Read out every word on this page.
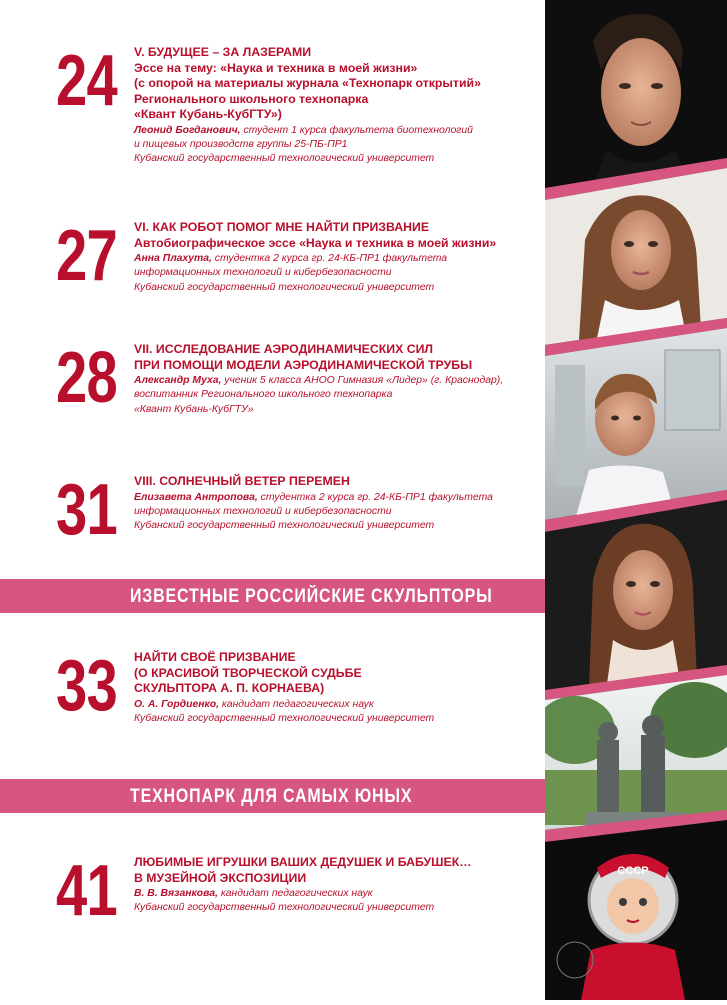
24 V. БУДУЩЕЕ – ЗА ЛАЗЕРАМИ
Эссе на тему: «Наука и техника в моей жизни»
(с опорой на материалы журнала «Технопарк открытий»
Регионального школьного технопарка
«Квант Кубань-КубГТУ»)
Леонид Богданович, студент 1 курса факультета биотехнологий
и пищевых производств группы 25-ПБ-ПР1
Кубанский государственный технологический университет
27 VI. КАК РОБОТ ПОМОГ МНЕ НАЙТИ ПРИЗВАНИЕ
Автобиографическое эссе «Наука и техника в моей жизни»
Анна Плахута, студентка 2 курса гр. 24-КБ-ПР1 факультета
информационных технологий и кибербезопасности
Кубанский государственный технологический университет
28 VII. ИССЛЕДОВАНИЕ АЭРОДИНАМИЧЕСКИХ СИЛ
ПРИ ПОМОЩИ МОДЕЛИ АЭРОДИНАМИЧЕСКОЙ ТРУБЫ
Александр Муха, ученик 5 класса АНОО Гимназия «Лидер» (г. Краснодар),
воспитанник Регионального школьного технопарка
«Квант Кубань-КубГТУ»
31 VIII. СОЛНЕЧНЫЙ ВЕТЕР ПЕРЕМЕН
Елизавета Антропова, студентка 2 курса гр. 24-КБ-ПР1 факультета
информационных технологий и кибербезопасности
Кубанский государственный технологический университет
ИЗВЕСТНЫЕ РОССИЙСКИЕ СКУЛЬПТОРЫ
33 НАЙТИ СВОЁ ПРИЗВАНИЕ
(О КРАСИВОЙ ТВОРЧЕСКОЙ СУДЬБЕ
СКУЛЬПТОРА А. П. КОРНАЕВА)
О. А. Гордиенко, кандидат педагогических наук
Кубанский государственный технологический университет
ТЕХНОПАРК ДЛЯ САМЫХ ЮНЫХ
41 ЛЮБИМЫЕ ИГРУШКИ ВАШИХ ДЕДУШЕК И БАБУШЕК…
В МУЗЕЙНОЙ ЭКСПОЗИЦИИ
В. В. Вязанкова, кандидат педагогических наук
Кубанский государственный технологический университет
СССР
